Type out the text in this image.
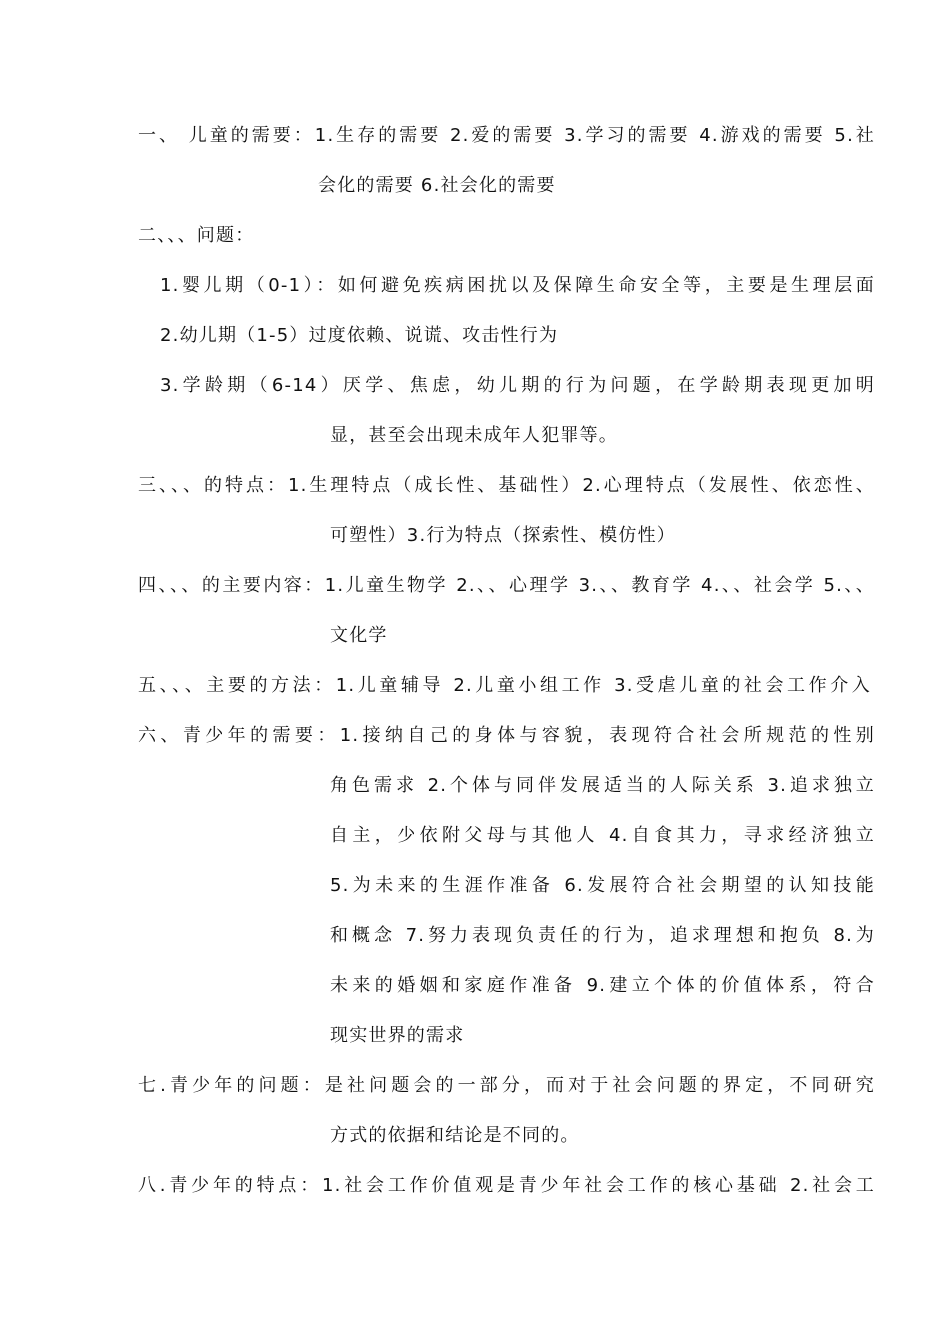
一、 儿童的需要：1.生存的需要 2.爱的需要 3.学习的需要 4.游戏的需要 5.社
会化的需要 6.社会化的需要
二、、、问题：
1.婴儿期（0-1）：如何避免疾病困扰以及保障生命安全等，主要是生理层面
2.幼儿期（1-5）过度依赖、说谎、攻击性行为
3.学龄期（6-14）厌学、焦虑，幼儿期的行为问题，在学龄期表现更加明
显，甚至会出现未成年人犯罪等。
三、、、的特点：1.生理特点（成长性、基础性）2.心理特点（发展性、依恋性、
可塑性）3.行为特点（探索性、模仿性）
四、、、的主要内容：1.儿童生物学 2.、、心理学 3.、、教育学 4.、、社会学 5.、、
文化学
五、、、主要的方法：1.儿童辅导 2.儿童小组工作 3.受虐儿童的社会工作介入
六、青少年的需要：1.接纳自己的身体与容貌，表现符合社会所规范的性别
角色需求 2.个体与同伴发展适当的人际关系 3.追求独立
自主，少依附父母与其他人 4.自食其力，寻求经济独立
5.为未来的生涯作准备 6.发展符合社会期望的认知技能
和概念 7.努力表现负责任的行为，追求理想和抱负 8.为
未来的婚姻和家庭作准备 9.建立个体的价值体系，符合
现实世界的需求
七.青少年的问题：是社问题会的一部分，而对于社会问题的界定，不同研究
方式的依据和结论是不同的。
八.青少年的特点：1.社会工作价值观是青少年社会工作的核心基础 2.社会工
